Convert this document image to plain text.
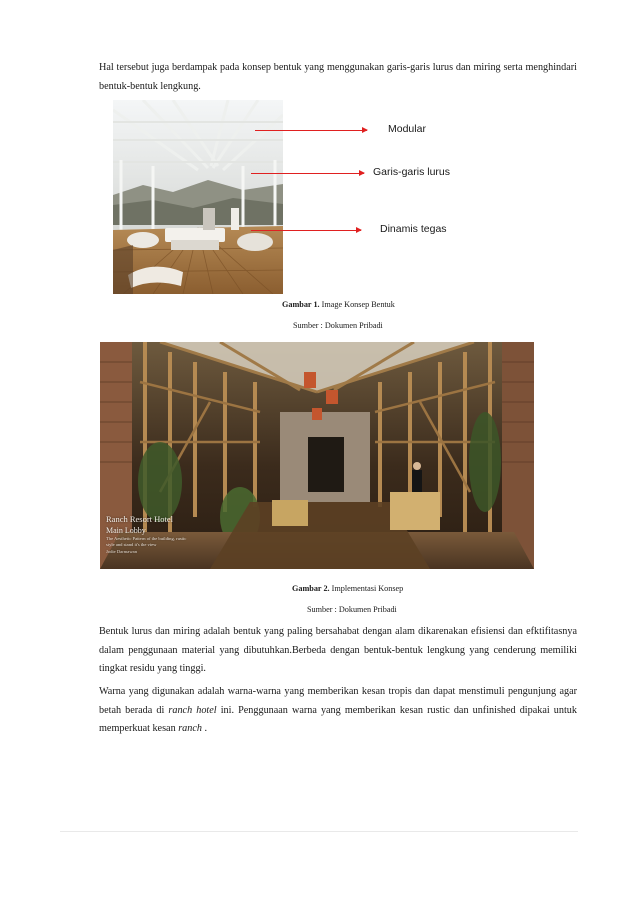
Hal tersebut juga berdampak pada konsep bentuk yang menggunakan garis-garis lurus dan miring serta menghindari bentuk-bentuk lengkung.

Modular
Garis-garis lurus
Dinamis tegas
Gambar 1. Image Konsep Bentuk
Sumber : Dokumen Pribadi
Ranch Resort Hotel
Main Lobby
The Aesthetic Pattern of the building, rustic style and stand it's the view
Jodie Darmawan
Gambar 2. Implementasi Konsep
Sumber : Dokumen Pribadi

Bentuk lurus dan miring adalah bentuk yang paling bersahabat dengan alam dikarenakan efisiensi dan efktifitasnya dalam penggunaan material yang dibutuhkan.Berbeda dengan bentuk-bentuk lengkung yang cenderung memiliki tingkat residu yang tinggi.

Warna yang digunakan adalah warna-warna yang memberikan kesan tropis dan dapat menstimuli pengunjung agar betah berada di ranch hotel ini. Penggunaan warna yang memberikan kesan rustic dan unfinished dipakai untuk memperkuat kesan ranch .
